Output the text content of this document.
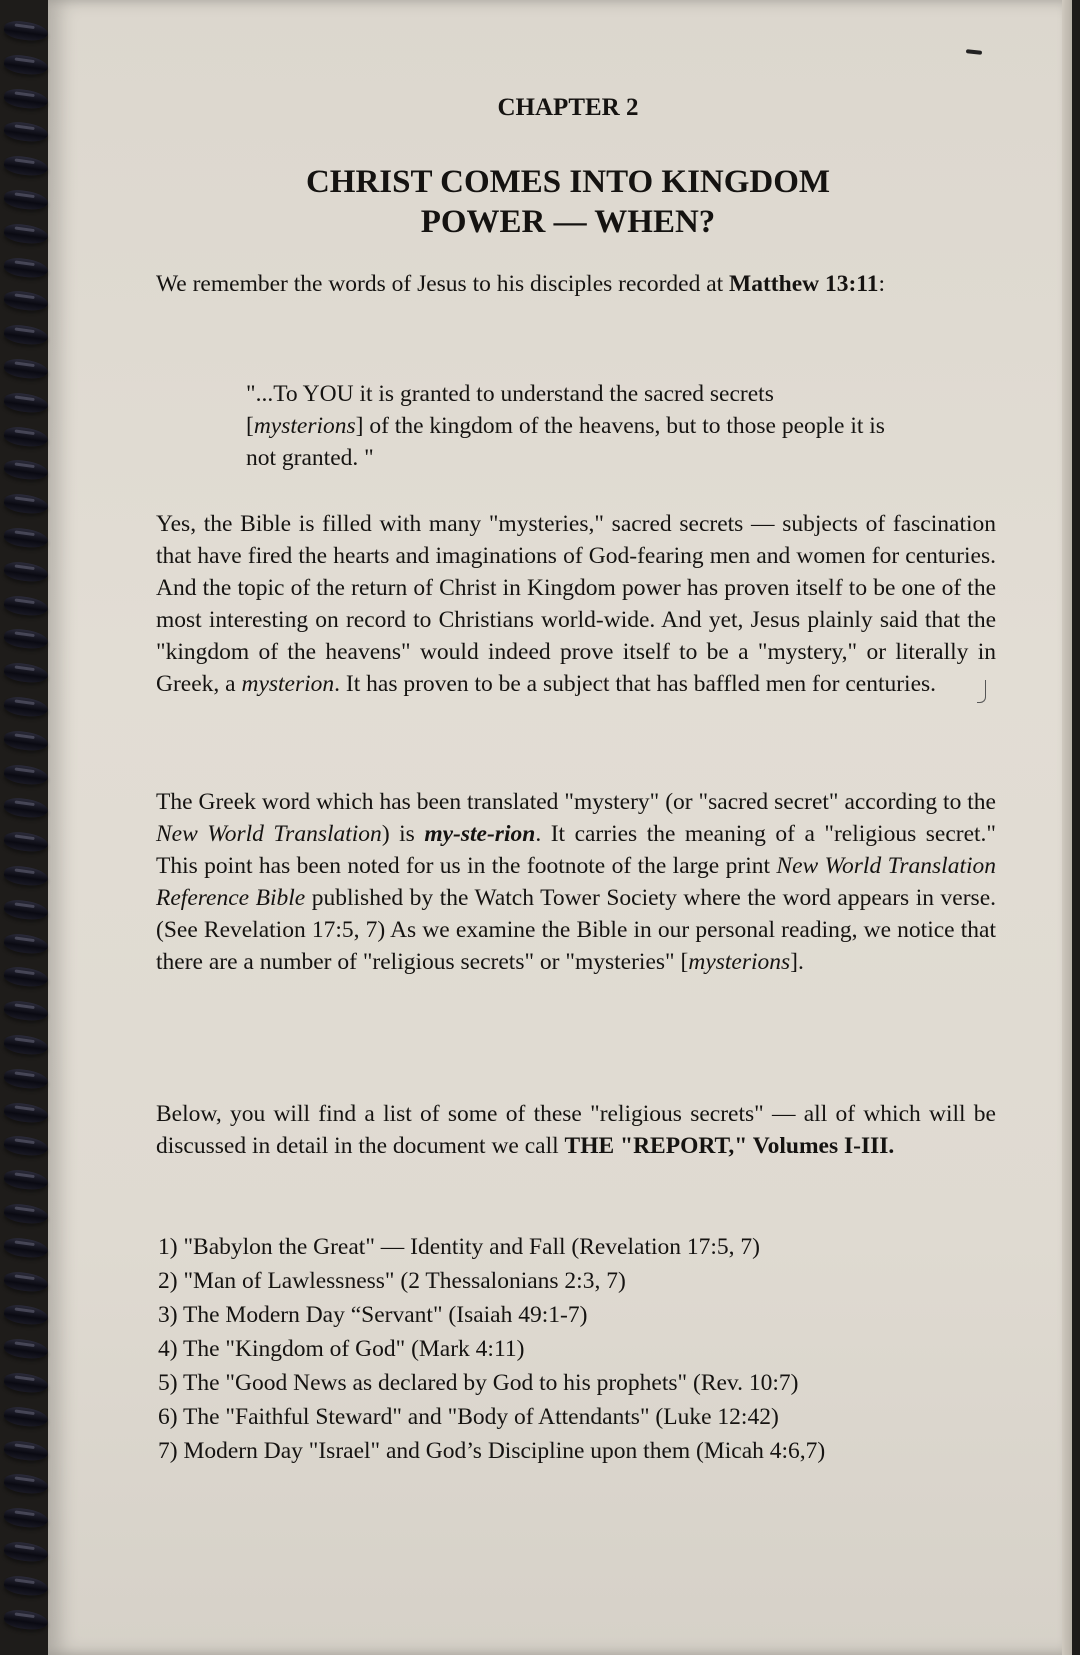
CHAPTER 2
CHRIST COMES INTO KINGDOM
POWER — WHEN?

We remember the words of Jesus to his disciples recorded at Matthew 13:11:

"...To YOU it is granted to understand the sacred secrets [mysterions] of the kingdom of the heavens, but to those people it is not granted. "

Yes, the Bible is filled with many "mysteries," sacred secrets — subjects of fascination that have fired the hearts and imaginations of God-fearing men and women for centuries. And the topic of the return of Christ in Kingdom power has proven itself to be one of the most interesting on record to Christians world-wide. And yet, Jesus plainly said that the "kingdom of the heavens" would indeed prove itself to be a "mystery," or literally in Greek, a mysterion. It has proven to be a subject that has baffled men for centuries.

The Greek word which has been translated "mystery" (or "sacred secret" according to the New World Translation) is my-ste-rion. It carries the meaning of a "religious secret." This point has been noted for us in the footnote of the large print New World Translation Reference Bible published by the Watch Tower Society where the word appears in verse. (See Revelation 17:5, 7) As we examine the Bible in our personal reading, we notice that there are a number of "religious secrets" or "mysteries" [mysterions].

Below, you will find a list of some of these "religious secrets" — all of which will be discussed in detail in the document we call THE "REPORT," Volumes I-III.

1) "Babylon the Great" — Identity and Fall (Revelation 17:5, 7)
2) "Man of Lawlessness" (2 Thessalonians 2:3, 7)
3) The Modern Day “Servant" (Isaiah 49:1-7)
4) The "Kingdom of God" (Mark 4:11)
5) The "Good News as declared by God to his prophets" (Rev. 10:7)
6) The "Faithful Steward" and "Body of Attendants" (Luke 12:42)
7) Modern Day "Israel" and God’s Discipline upon them (Micah 4:6,7)
